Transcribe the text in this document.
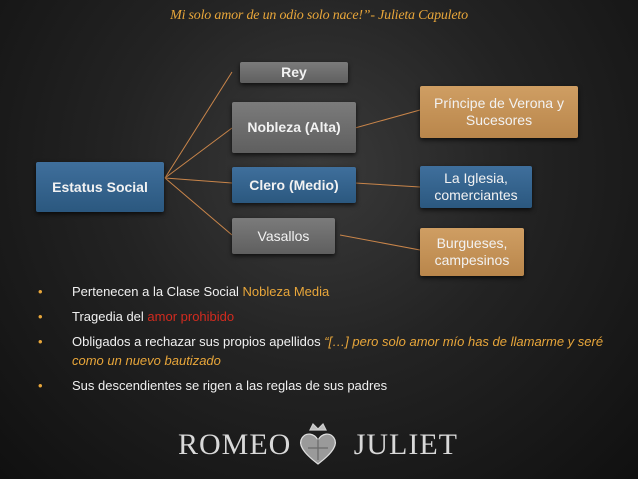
Mi solo amor de un odio solo nace!”- Julieta Capuleto
Estatus Social
Rey
Nobleza (Alta)
Clero (Medio)
Vasallos
Príncipe de Verona y Sucesores
La Iglesia, comerciantes
Burgueses, campesinos
• Pertenecen a la Clase Social Nobleza Media
• Tragedia del amor prohibido
• Obligados a rechazar sus propios apellidos “[…] pero solo amor mío has de llamarme y seré como un nuevo bautizado
• Sus descendientes se rigen a las reglas de sus padres
ROMEO JULIET
